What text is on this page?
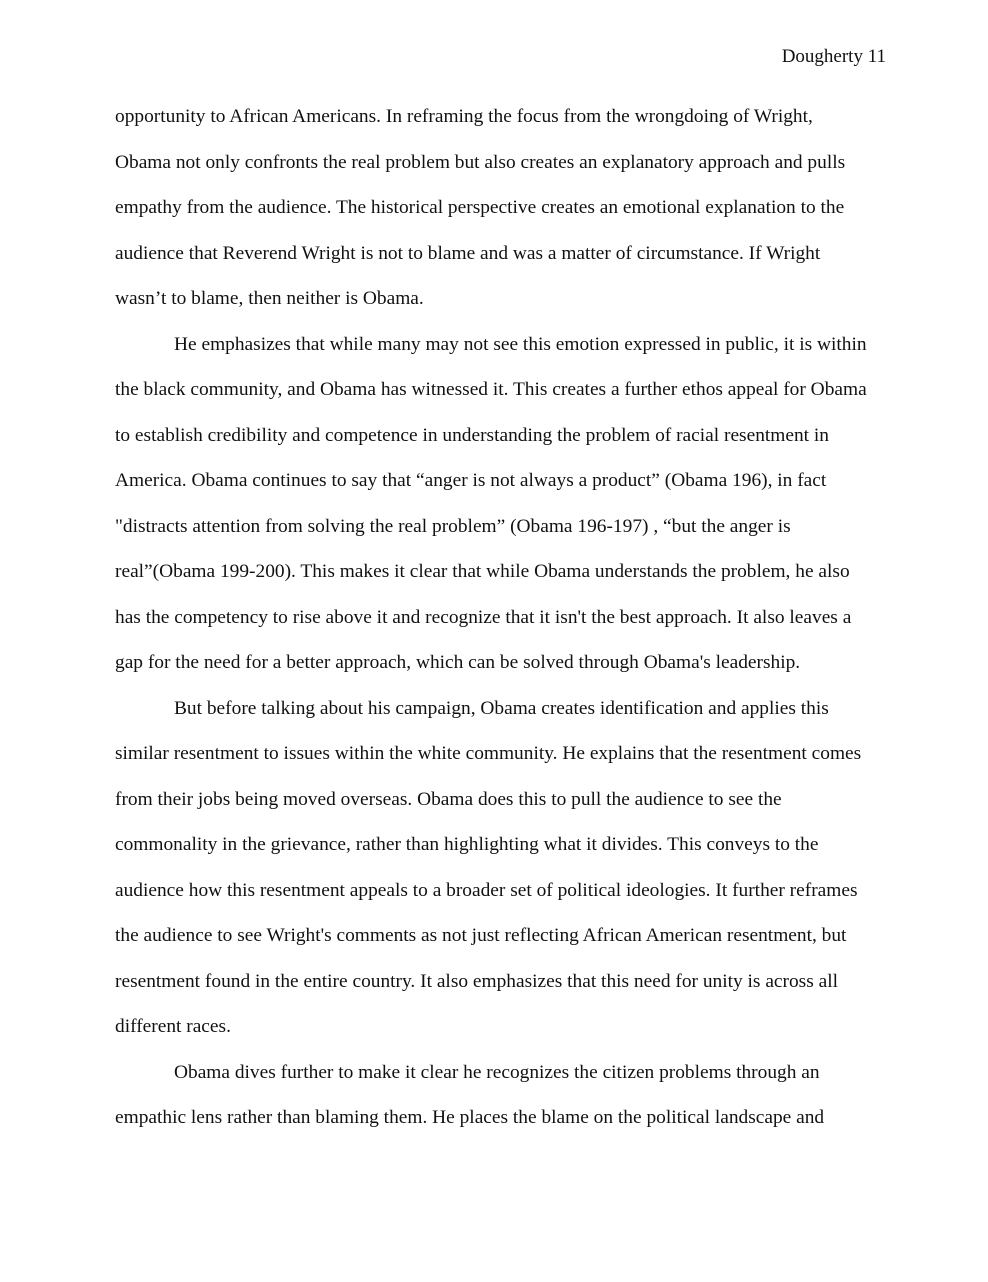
Dougherty 11
opportunity to African Americans. In reframing the focus from the wrongdoing of Wright,
Obama not only confronts the real problem but also creates an explanatory approach and pulls
empathy from the audience. The historical perspective creates an emotional explanation to the
audience that Reverend Wright is not to blame and was a matter of circumstance. If Wright
wasn’t to blame, then neither is Obama.
He emphasizes that while many may not see this emotion expressed in public, it is within
the black community, and Obama has witnessed it. This creates a further ethos appeal for Obama
to establish credibility and competence in understanding the problem of racial resentment in
America. Obama continues to say that “anger is not always a product” (Obama 196), in fact
"distracts attention from solving the real problem” (Obama 196-197) , “but the anger is
real”(Obama 199-200). This makes it clear that while Obama understands the problem, he also
has the competency to rise above it and recognize that it isn't the best approach. It also leaves a
gap for the need for a better approach, which can be solved through Obama's leadership.
But before talking about his campaign, Obama creates identification and applies this
similar resentment to issues within the white community. He explains that the resentment comes
from their jobs being moved overseas. Obama does this to pull the audience to see the
commonality in the grievance, rather than highlighting what it divides. This conveys to the
audience how this resentment appeals to a broader set of political ideologies. It further reframes
the audience to see Wright's comments as not just reflecting African American resentment, but
resentment found in the entire country. It also emphasizes that this need for unity is across all
different races.
Obama dives further to make it clear he recognizes the citizen problems through an
empathic lens rather than blaming them. He places the blame on the political landscape and
